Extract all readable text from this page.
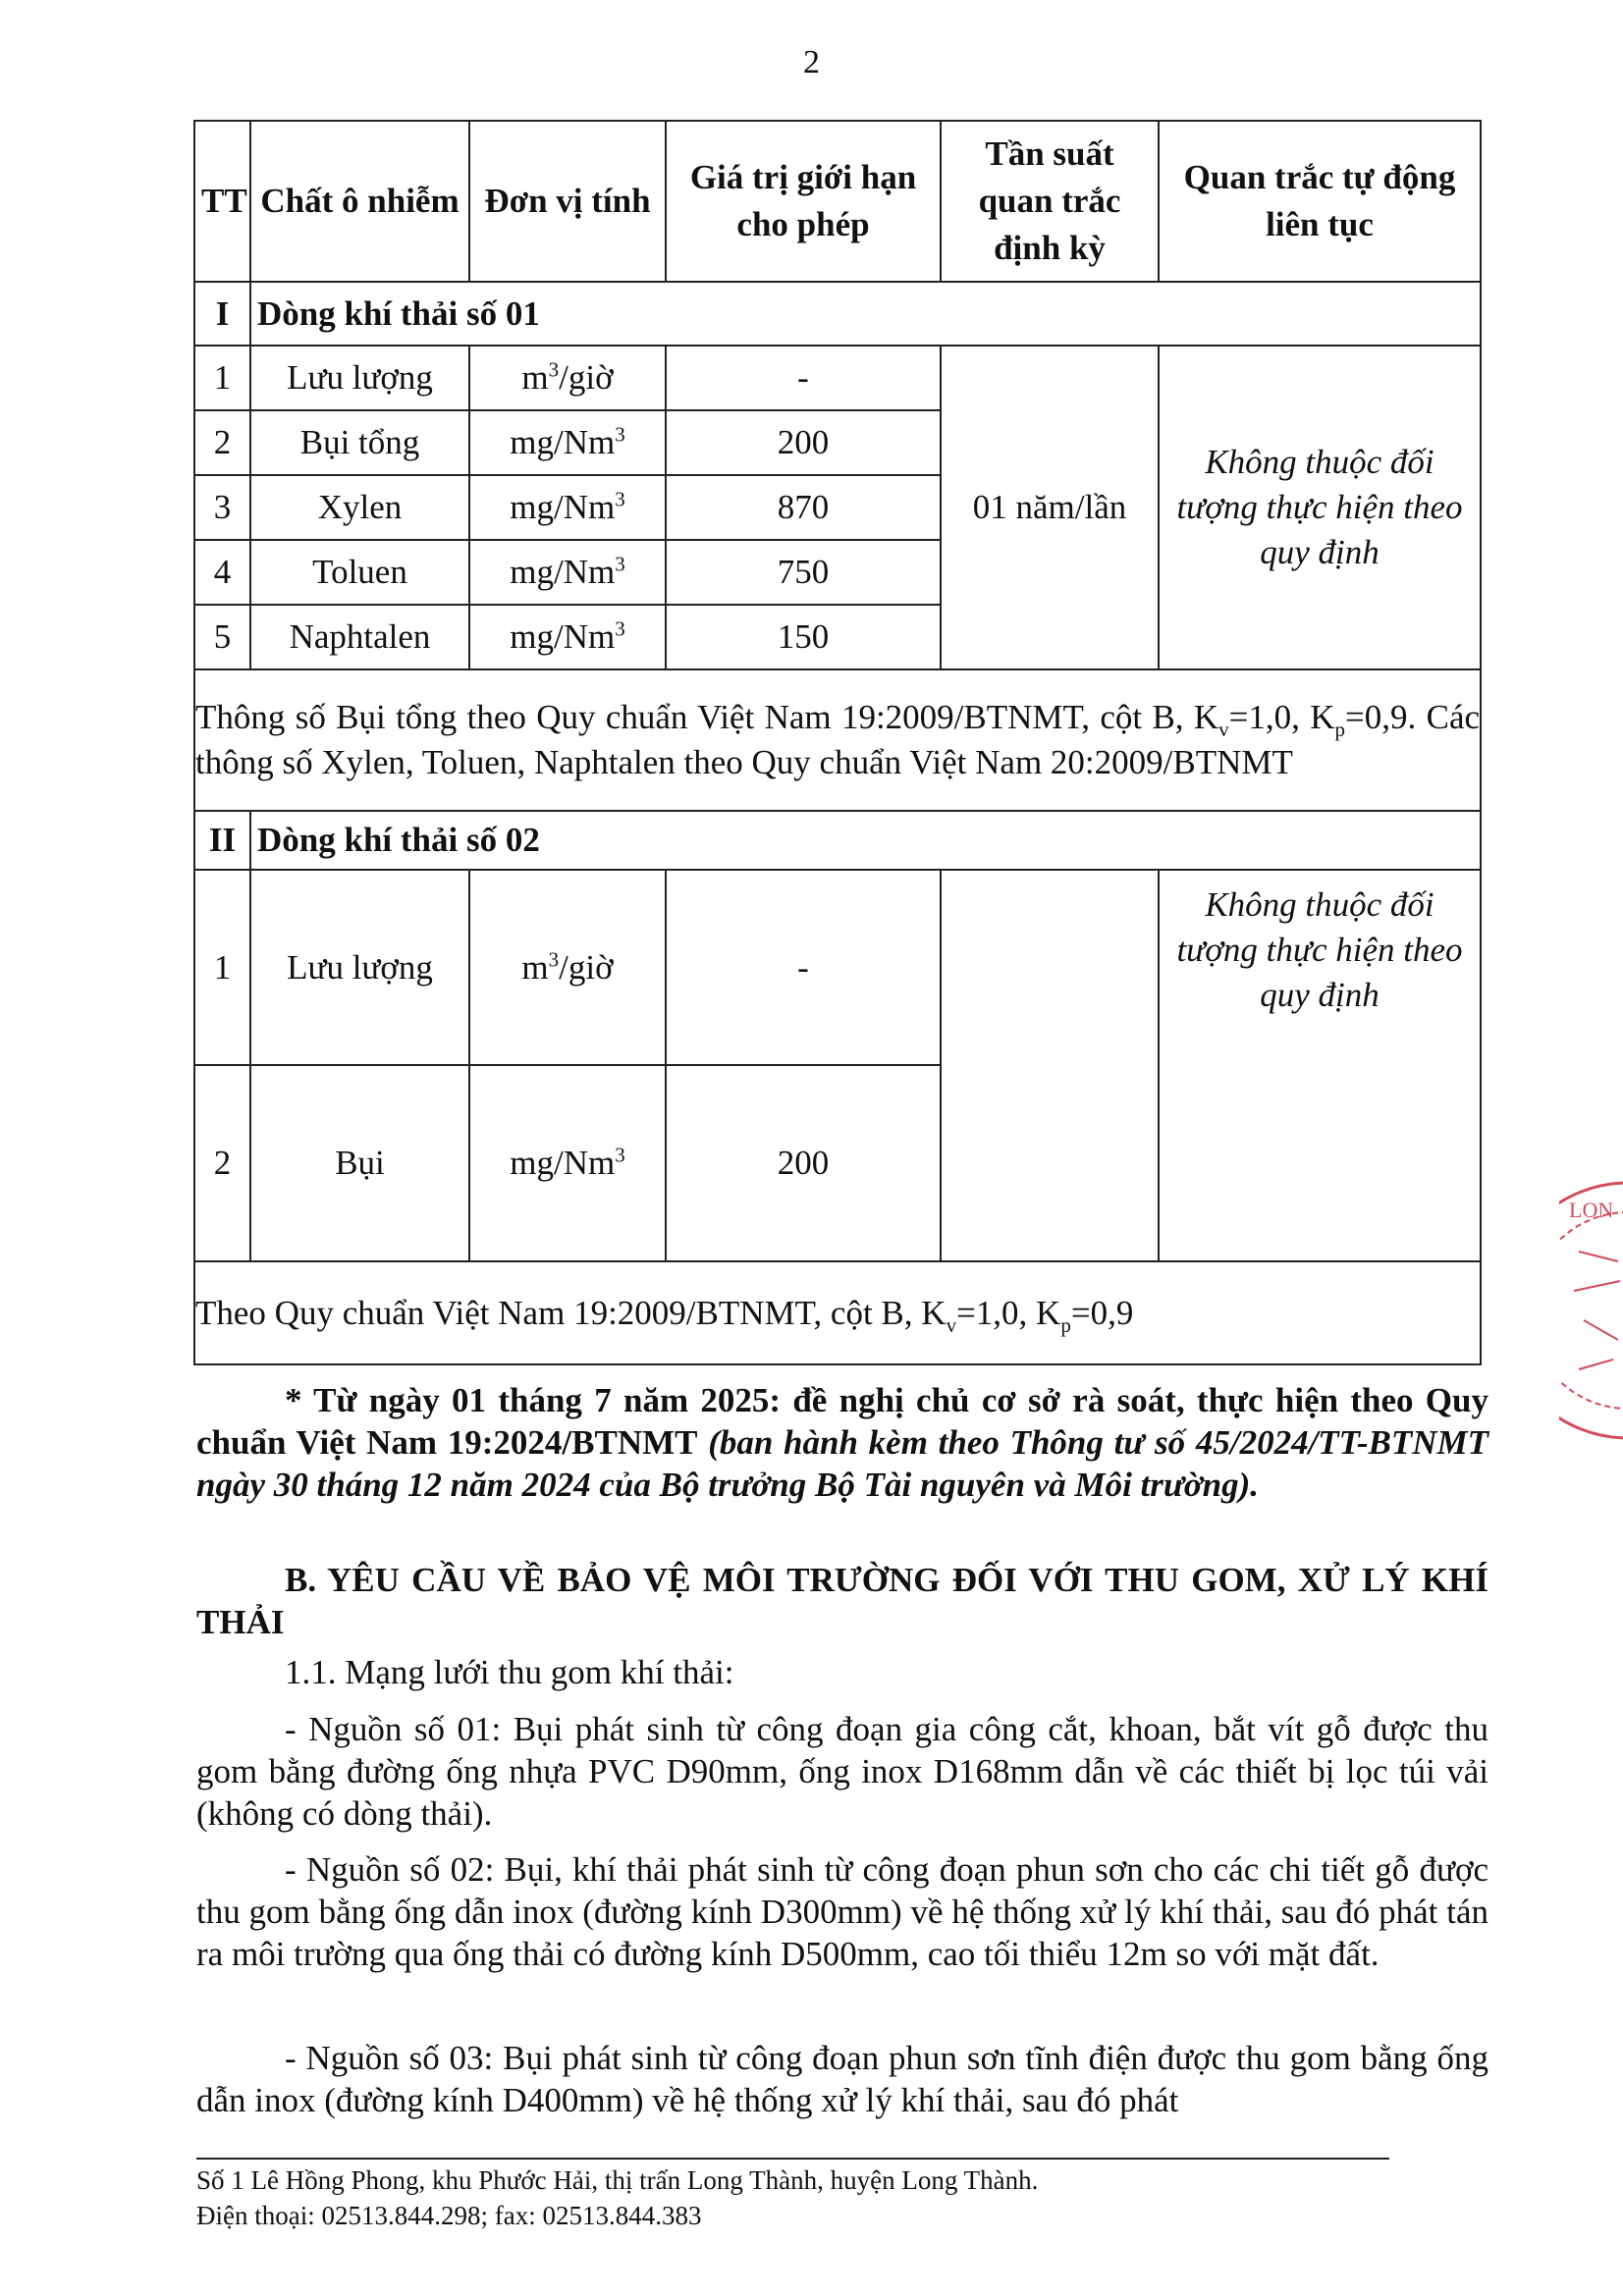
2
TT	Chất ô nhiễm	Đơn vị tính	Giá trị giới hạn cho phép	Tần suất quan trắc định kỳ	Quan trắc tự động liên tục
I	Dòng khí thải số 01				
1	Lưu lượng	$m^3$/giờ	-	01 năm/lần	Không thuộc đối tượng thực hiện theo quy định
2	Bụi tổng	mg/Nm$^3$	200		
3	Xylen	mg/Nm$^3$	870		
4	Toluen	mg/Nm$^3$	750		
5	Naphtalen	mg/Nm$^3$	150		
Thông số Bụi tổng theo Quy chuẩn Việt Nam 19:2009/BTNMT, cột B, $K_v=1,0$, $K_p=0,9$. Các thông số Xylen, Toluen, Naphtalen theo Quy chuẩn Việt Nam 20:2009/BTNMT					
II	Dòng khí thải số 02				
1	Lưu lượng	$m^3$/giờ	-		Không thuộc đối tượng thực hiện theo quy định
2	Bụi	mg/Nm$^3$	200		
Theo Quy chuẩn Việt Nam 19:2009/BTNMT, cột B, $K_v=1,0$, $K_p=0,9$					
* Từ ngày 01 tháng 7 năm 2025: đề nghị chủ cơ sở rà soát, thực hiện theo Quy chuẩn Việt Nam 19:2024/BTNMT (ban hành kèm theo Thông tư số 45/2024/TT-BTNMT ngày 30 tháng 12 năm 2024 của Bộ trưởng Bộ Tài nguyên và Môi trường).
B. YÊU CẦU VỀ BẢO VỆ MÔI TRƯỜNG ĐỐI VỚI THU GOM, XỬ LÝ KHÍ THẢI
1.1. Mạng lưới thu gom khí thải:
- Nguồn số 01: Bụi phát sinh từ công đoạn gia công cắt, khoan, bắt vít gỗ được thu gom bằng đường ống nhựa PVC D90mm, ống inox D168mm dẫn về các thiết bị lọc túi vải (không có dòng thải).
- Nguồn số 02: Bụi, khí thải phát sinh từ công đoạn phun sơn cho các chi tiết gỗ được thu gom bằng ống dẫn inox (đường kính D300mm) về hệ thống xử lý khí thải, sau đó phát tán ra môi trường qua ống thải có đường kính D500mm, cao tối thiểu 12m so với mặt đất.
- Nguồn số 03: Bụi phát sinh từ công đoạn phun sơn tĩnh điện được thu gom bằng ống dẫn inox (đường kính D400mm) về hệ thống xử lý khí thải, sau đó phát
Số 1 Lê Hồng Phong, khu Phước Hải, thị trấn Long Thành, huyện Long Thành.
Điện thoại: 02513.844.298; fax: 02513.844.383
LON
